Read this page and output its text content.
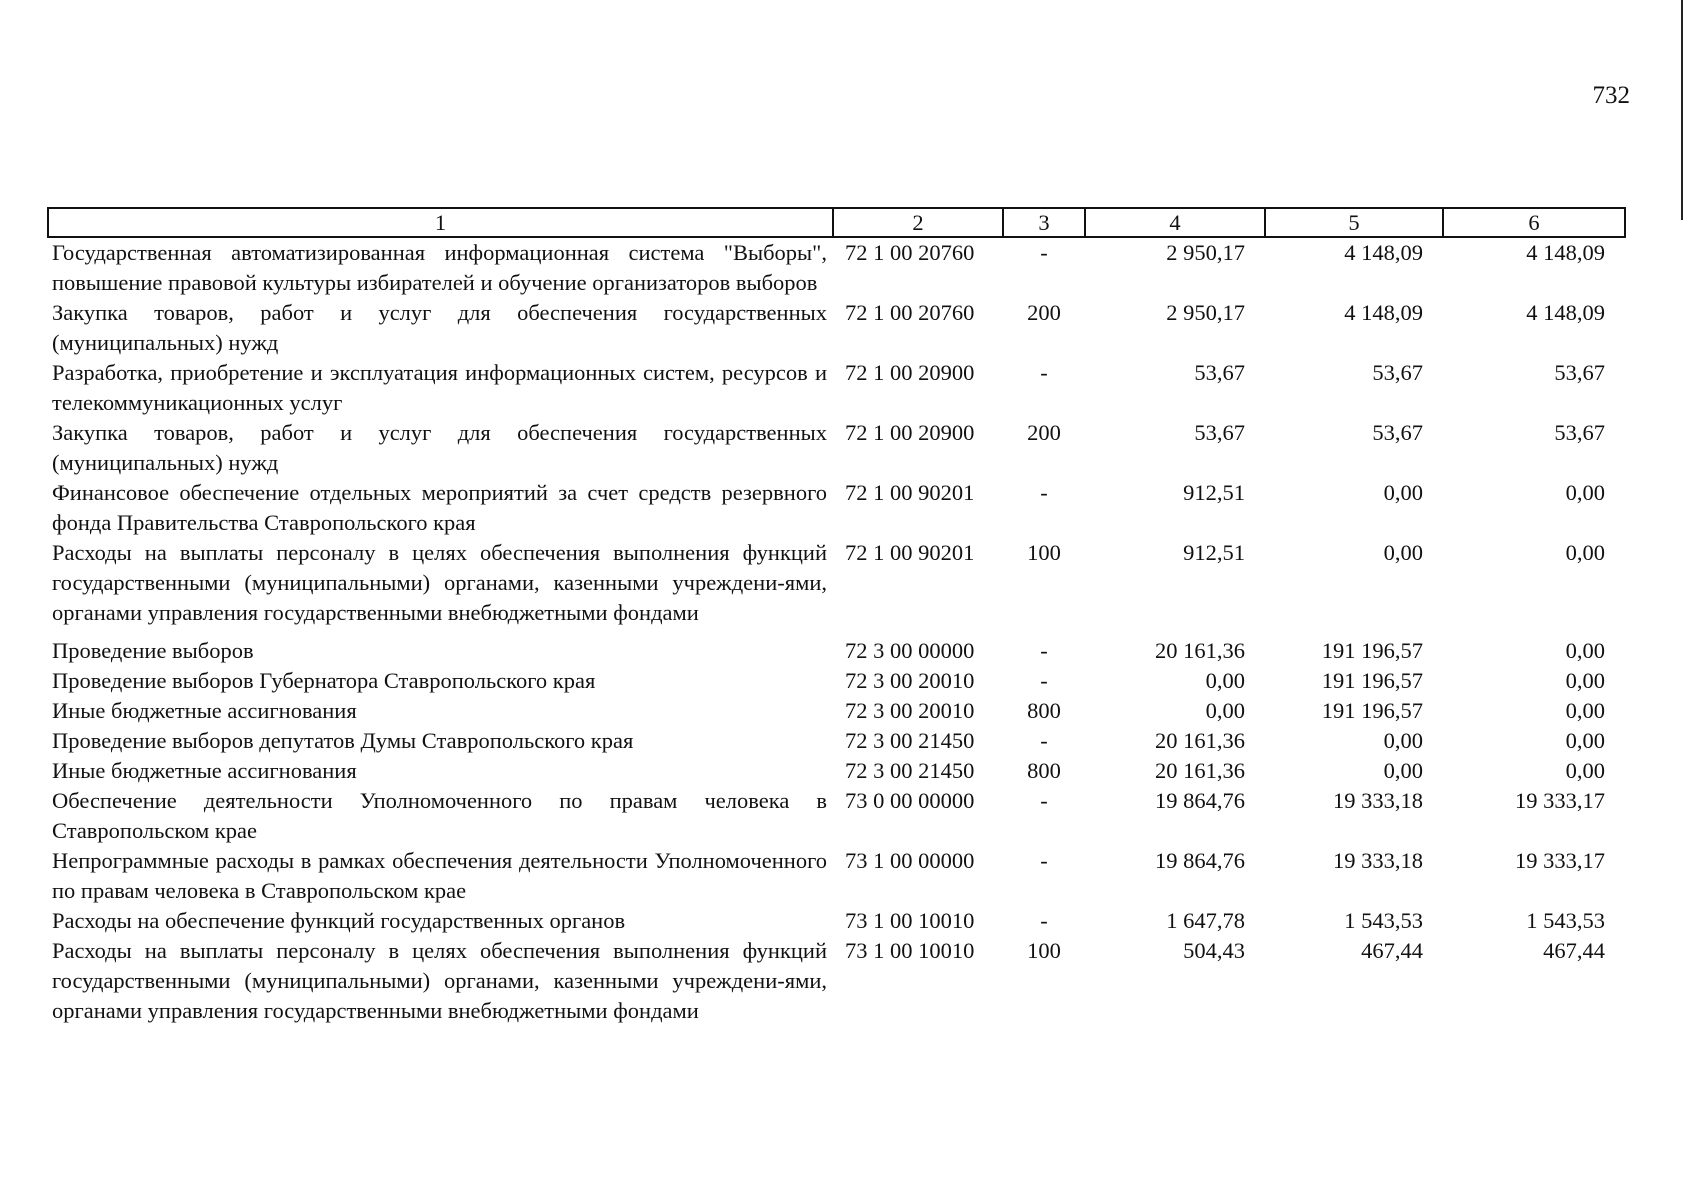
732
1	2	3	4	5	6
Государственная автоматизированная информационная система "Выборы", повышение правовой культуры избирателей и обучение организаторов выборов	72 1 00 20760	-	2 950,17	4 148,09	4 148,09
Закупка товаров, работ и услуг для обеспечения государственных (муниципальных) нужд	72 1 00 20760	200	2 950,17	4 148,09	4 148,09
Разработка, приобретение и эксплуатация информационных систем, ресурсов и телекоммуникационных услуг	72 1 00 20900	-	53,67	53,67	53,67
Закупка товаров, работ и услуг для обеспечения государственных (муниципальных) нужд	72 1 00 20900	200	53,67	53,67	53,67
Финансовое обеспечение отдельных мероприятий за счет средств резервного фонда Правительства Ставропольского края	72 1 00 90201	-	912,51	0,00	0,00
Расходы на выплаты персоналу в целях обеспечения выполнения функций государственными (муниципальными) органами, казенными учреждени-ями, органами управления государственными внебюджетными фондами	72 1 00 90201	100	912,51	0,00	0,00
Проведение выборов	72 3 00 00000	-	20 161,36	191 196,57	0,00
Проведение выборов Губернатора Ставропольского края	72 3 00 20010	-	0,00	191 196,57	0,00
Иные бюджетные ассигнования	72 3 00 20010	800	0,00	191 196,57	0,00
Проведение выборов депутатов Думы Ставропольского края	72 3 00 21450	-	20 161,36	0,00	0,00
Иные бюджетные ассигнования	72 3 00 21450	800	20 161,36	0,00	0,00
Обеспечение деятельности Уполномоченного по правам человека в Ставропольском крае	73 0 00 00000	-	19 864,76	19 333,18	19 333,17
Непрограммные расходы в рамках обеспечения деятельности Уполномоченного по правам человека в Ставропольском крае	73 1 00 00000	-	19 864,76	19 333,18	19 333,17
Расходы на обеспечение функций государственных органов	73 1 00 10010	-	1 647,78	1 543,53	1 543,53
Расходы на выплаты персоналу в целях обеспечения выполнения функций государственными (муниципальными) органами, казенными учреждени-ями, органами управления государственными внебюджетными фондами	73 1 00 10010	100	504,43	467,44	467,44
